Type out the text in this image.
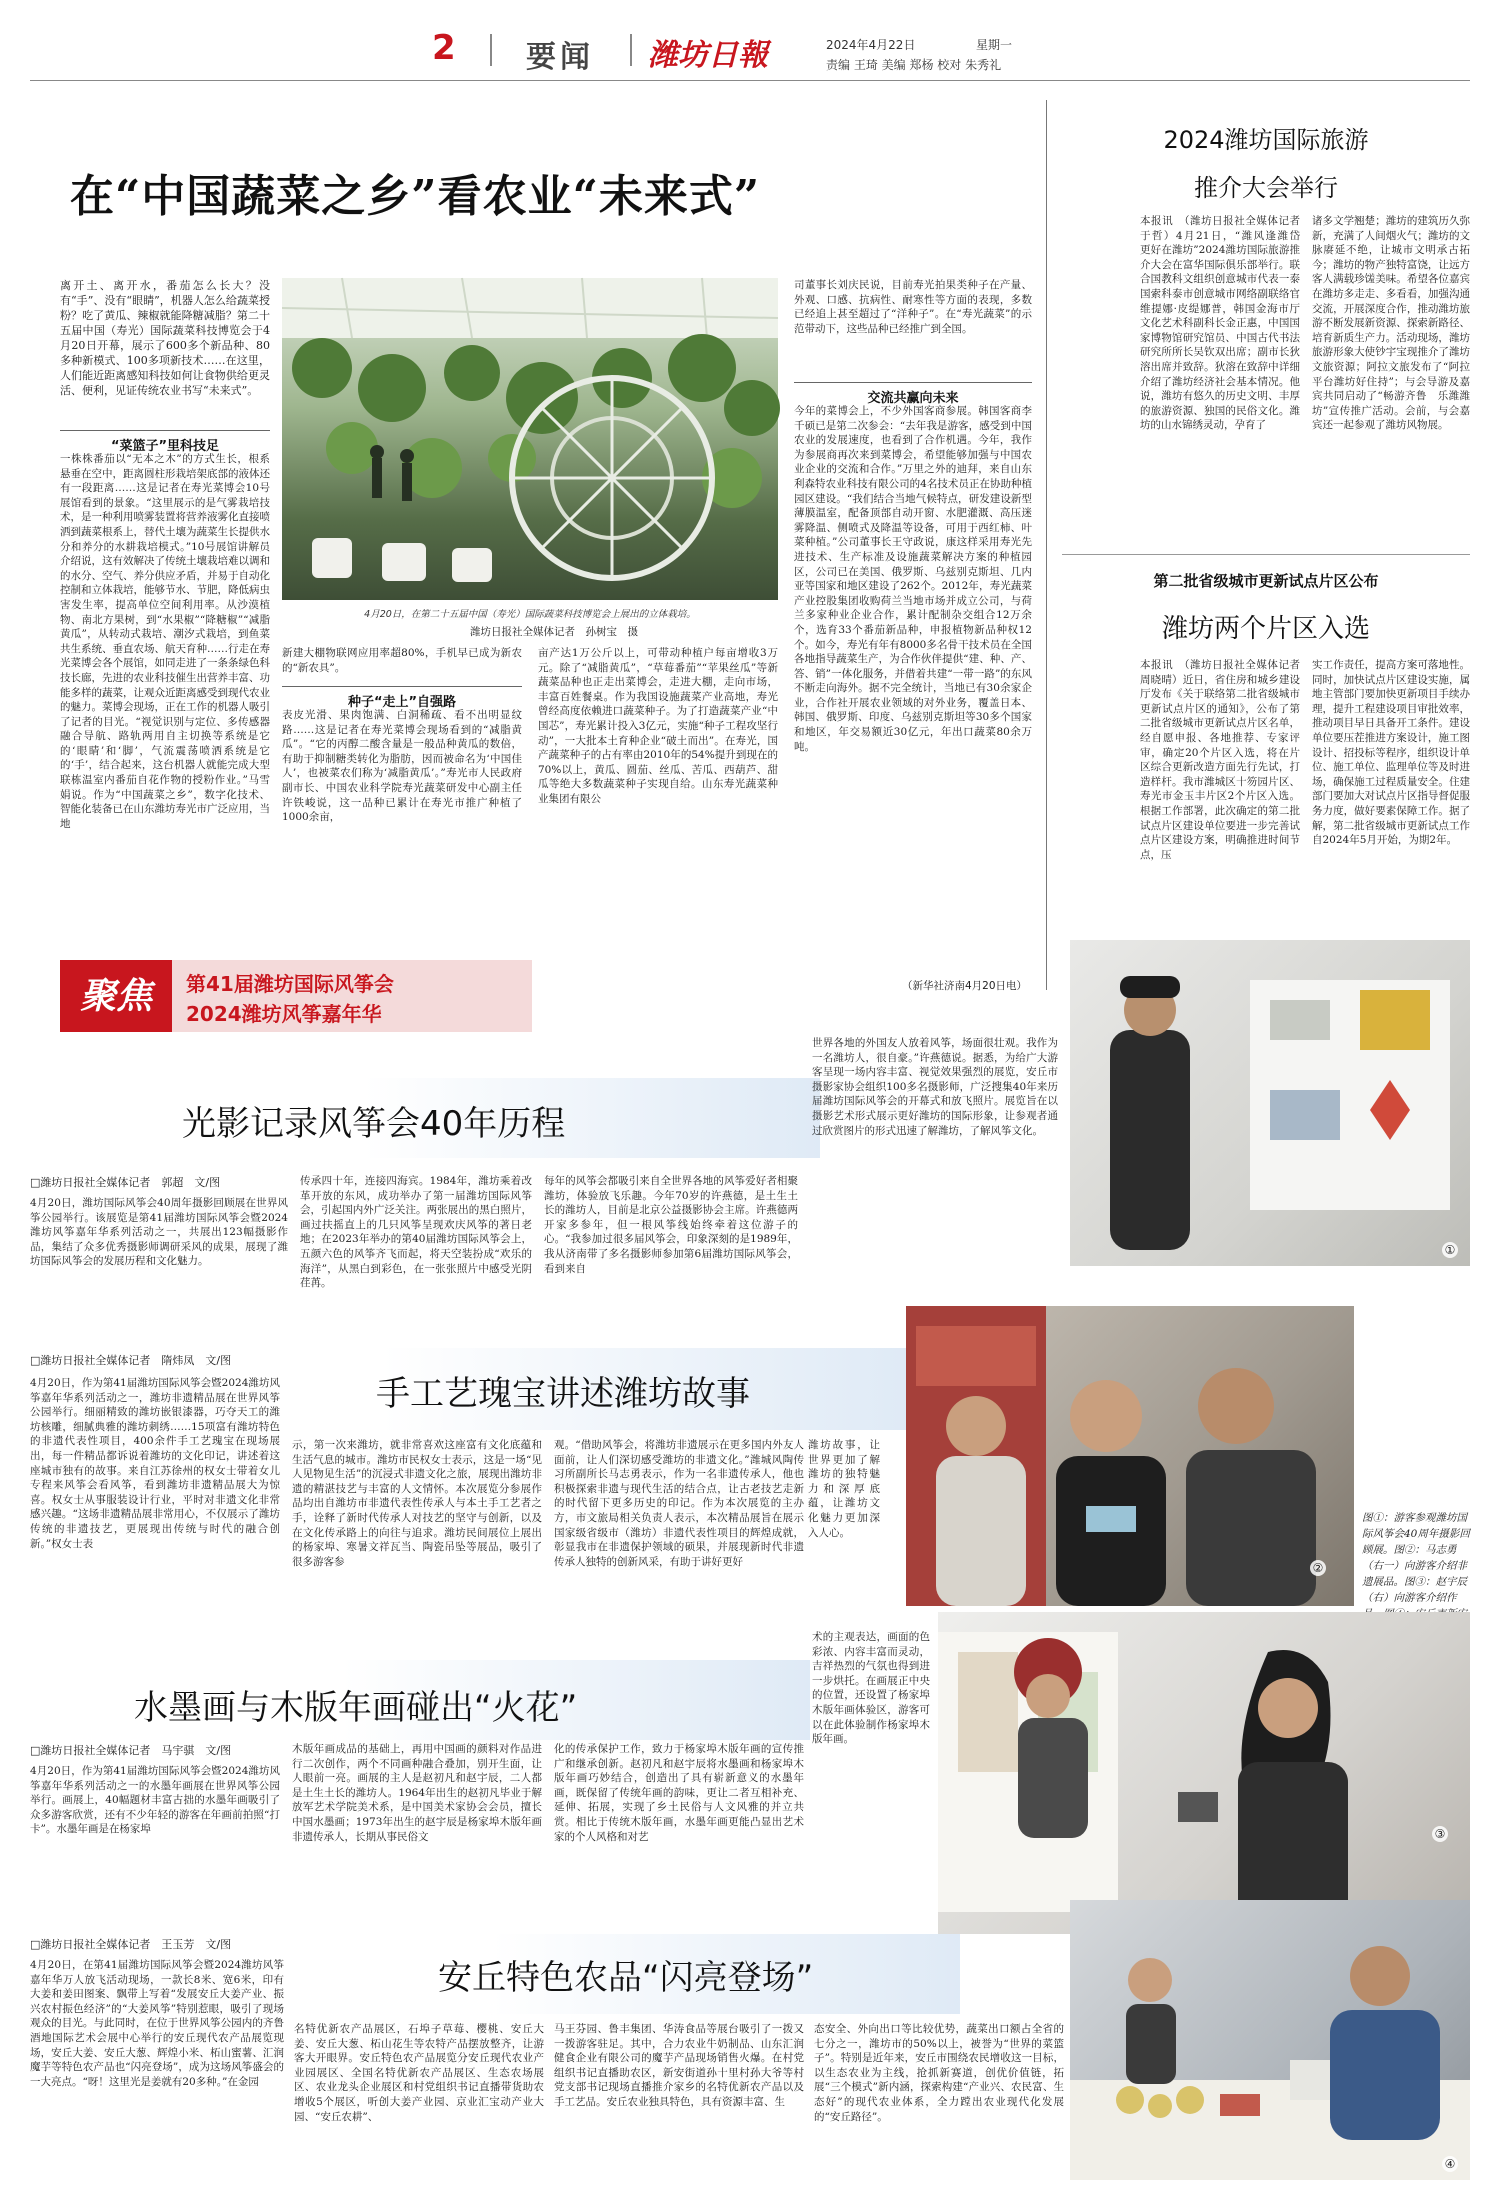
2 要闻 潍坊日報	2024年4月22日	星期一
责编 王琦 美编 郑杨 校对 朱秀礼
在“中国蔬菜之乡”看农业“未来式”
离开土、离开水，番茄怎么长大？没有“手”、没有“眼睛”，机器人怎么给蔬菜授粉？吃了黄瓜、辣椒就能降糖减脂？第二十五届中国（寿光）国际蔬菜科技博览会于4月20日开幕，展示了600多个新品种、80多种新模式、100多项新技术……在这里，人们能近距离感知科技如何让食物供给更灵活、便利，见证传统农业书写“未来式”。
“菜篮子”里科技足
一株株番茄以“无本之木”的方式生长，根系悬垂在空中，距离圆柱形栽培架底部的液体还有一段距离……这是记者在寿光菜博会10号展馆看到的景象。“这里展示的是气雾栽培技术，是一种利用喷雾装置将营养液雾化直接喷洒到蔬菜根系上，替代土壤为蔬菜生长提供水分和养分的水耕栽培模式。”10号展馆讲解员介绍说，这有效解决了传统土壤栽培难以调和的水分、空气、养分供应矛盾，并易于自动化控制和立体栽培，能够节水、节肥，降低病虫害发生率，提高单位空间利用率。从沙漠植物、南北方果树，到“水果椒”“降糖椒”“减脂黄瓜”，从转动式栽培、潮汐式栽培，到鱼菜共生系统、垂直农场、航天育种……行走在寿光菜博会各个展馆，如同走进了一条条绿色科技长廊，先进的农业科技催生出营养丰富、功能多样的蔬菜，让观众近距离感受到现代农业的魅力。菜博会现场，正在工作的机器人吸引了记者的目光。“视觉识别与定位、多传感器融合导航、路轨两用自主切换等系统是它的‘眼睛’和‘脚’，气流震荡喷洒系统是它的‘手’，结合起来，这台机器人就能完成大型联栋温室内番茄自花作物的授粉作业。”马雪娟说。作为“中国蔬菜之乡”，数字化技术、智能化装备已在山东潍坊寿光市广泛应用，当地
4月20日，在第二十五届中国（寿光）国际蔬菜科技博览会上展出的立体栽培。
潍坊日报社全媒体记者　孙树宝　摄
新建大棚物联网应用率超80%，手机早已成为新农的“新农具”。
种子“走上”自强路
表皮光滑、果肉饱满、白洞稀疏、看不出明显纹路……这是记者在寿光菜博会现场看到的“减脂黄瓜”。“它的丙醇二酸含量是一般品种黄瓜的数倍，有助于抑制糖类转化为脂肪，因而被命名为‘中国佳人’，也被菜农们称为‘减脂黄瓜’。”寿光市人民政府副市长、中国农业科学院寿光蔬菜研发中心副主任许铁峻说，这一品种已累计在寿光市推广种植了1000余亩，
亩产达1万公斤以上，可带动种植户每亩增收3万元。除了“减脂黄瓜”，“草莓番茄”“苹果丝瓜”等新蔬菜品种也正走出菜博会，走进大棚，走向市场，丰富百姓餐桌。作为我国设施蔬菜产业高地，寿光曾经高度依赖进口蔬菜种子。为了打造蔬菜产业“中国芯”，寿光累计投入3亿元，实施“种子工程攻坚行动”，一大批本土育种企业“破土而出”。在寿光，国产蔬菜种子的占有率由2010年的54%提升到现在的70%以上，黄瓜、圆茄、丝瓜、苦瓜、西葫芦、甜瓜等绝大多数蔬菜种子实现自给。山东寿光蔬菜种业集团有限公
司董事长刘庆民说，目前寿光拍果类种子在产量、外观、口感、抗病性、耐寒性等方面的表现，多数已经追上甚至超过了“洋种子”。在“寿光蔬菜”的示范带动下，这些品种已经推广到全国。
交流共赢向未来
今年的菜博会上，不少外国客商参展。韩国客商李千硕已是第二次参会：“去年我是游客，感受到中国农业的发展速度，也看到了合作机遇。今年，我作为参展商再次来到菜博会，希望能够加强与中国农业企业的交流和合作。”万里之外的迪拜，来自山东利森特农业科技有限公司的4名技术员正在协助种植园区建设。“我们结合当地气候特点，研发建设新型薄膜温室，配备顶部自动开窗、水肥灌溉、高压迷雾降温、侧喷式及降温等设备，可用于西红柿、叶菜种植。”公司董事长王守政说，康这样采用寿光先进技术、生产标准及设施蔬菜解决方案的种植园区，公司已在美国、俄罗斯、乌兹别克斯坦、几内亚等国家和地区建设了262个。2012年，寿光蔬菜产业控股集团收购荷兰当地市场并成立公司，与荷兰多家种业企业合作，累计配制杂交组合12万余个，选育33个番茄新品种，申报植物新品种权12个。如今，寿光有年有8000多名骨干技术员在全国各地指导蔬菜生产，为合作伙伴提供“建、种、产、答、销”一体化服务，并借着共建“一带一路”的东风不断走向海外。据不完全统计，当地已有30余家企业，合作社开展农业领域的对外业务，覆盖日本、韩国、俄罗斯、印度、乌兹别克斯坦等30多个国家和地区，年交易额近30亿元，年出口蔬菜80余万吨。
（新华社济南4月20日电）
2024潍坊国际旅游
推介大会举行
本报讯　（潍坊日报社全媒体记者　于哲）4月21日，“潍风逢潍岱　更好在潍坊”2024潍坊国际旅游推介大会在富华国际俱乐部举行。联合国教科文组织创意城市代表一泰国索科泰市创意城市网络副联络官维提娜·皮缇娜普，韩国金海市厅文化艺术科副科长金正惠，中国国家博物馆研究馆员、中国古代书法研究所所长吴钦双出席；副市长狄溶出席并致辞。狄溶在致辞中详细介绍了潍坊经济社会基本情况。他说，潍坊有悠久的历史文明、丰厚的旅游资源、独国的民俗文化。潍坊的山水锦绣灵动，孕育了
诸多文学翘楚；潍坊的建筑历久弥新，充满了人间烟火气；潍坊的文脉赓延不绝，让城市文明承古拓今；潍坊的物产独特富饶，让远方客人满载珍馐美味。希望各位嘉宾在潍坊多走走、多看看，加强沟通交流，开展深度合作，推动潍坊旅游不断发展新资源、探索新路径、培育新质生产力。活动现场，潍坊旅游形象大使钞宇宝现推介了潍坊文旅资源；阿拉文旅发布了“阿拉平台潍坊好住持”；与会导游及嘉宾共同启动了“畅游齐鲁　乐潍潍坊”宣传推广活动。会前，与会嘉宾还一起参观了潍坊风物展。
第二批省级城市更新试点片区公布
潍坊两个片区入选
本报讯　（潍坊日报社全媒体记者　周晓晴）近日，省住房和城乡建设厅发布《关于联络第二批省级城市更新试点片区的通知》，公布了第二批省级城市更新试点片区名单，经自愿申报、各地推荐、专家评审，确定20个片区入选，将在片区综合更新改造方面先行先试，打造样杆。我市潍城区十笏园片区、寿光市金玉丰片区2个片区入选。根据工作部署，此次确定的第二批试点片区建设单位要进一步完善试点片区建设方案，明确推进时间节点，压
实工作责任，提高方案可落地性。同时，加快试点片区建设实施，属地主管部门要加快更新项目手续办理，提升工程建设项目审批效率，推动项目早日具备开工条件。建设单位要压茬推进方案设计，施工图设计、招投标等程序，组织设计单位、施工单位、监理单位等及时进场，确保施工过程质量安全。住建部门要加大对试点片区指导督促服务力度，做好要素保障工作。据了解，第二批省级城市更新试点工作自2024年5月开始，为期2年。
聚焦	第41届潍坊国际风筝会
2024潍坊风筝嘉年华
光影记录风筝会40年历程
□潍坊日报社全媒体记者　郭超　文/图
4月20日，潍坊国际风筝会40周年摄影回顾展在世界风筝公园举行。该展览是第41届潍坊国际风筝会暨2024潍坊风筝嘉年华系列活动之一，共展出123幅摄影作品，集结了众多优秀摄影师调研采风的成果，展现了潍坊国际风筝会的发展历程和文化魅力。
传承四十年，连接四海宾。1984年，潍坊乘着改革开放的东风，成功举办了第一届潍坊国际风筝会，引起国内外广泛关注。两张展出的黑白照片，画过扶摇直上的几只风筝呈现欢庆风筝的著日老地；在2023年举办的第40届潍坊国际风筝会上，五颜六色的风筝齐飞而起，将天空装扮成“欢乐的海洋”，从黑白到彩色，在一张张照片中感受光阴荏苒。
每年的风筝会都吸引来自全世界各地的风筝爱好者相聚潍坊，体验放飞乐趣。今年70岁的许燕德，是土生土长的潍坊人，目前是北京公益摄影协会主席。许燕德两开家多参年，但一根风筝线始终牵着这位游子的心。“我参加过很多届风筝会，印象深刻的是1989年，我从济南带了多名摄影师参加第6届潍坊国际风筝会，看到来自
世界各地的外国友人放着风筝，场面很壮观。我作为一名潍坊人，很自豪。”许燕德说。据悉，为给广大游客呈现一场内容丰富、视觉效果强烈的展览，安丘市摄影家协会组织100多名摄影师，广泛搜集40年来历届潍坊国际风筝会的开幕式和放飞照片。展览旨在以摄影艺术形式展示更好潍坊的国际形象，让参观者通过欣赏图片的形式迅速了解潍坊，了解风筝文化。
①
□潍坊日报社全媒体记者　隋炜凤　文/图
手工艺瑰宝讲述潍坊故事
4月20日，作为第41届潍坊国际风筝会暨2024潍坊风筝嘉年华系列活动之一，潍坊非遗精品展在世界风筝公园举行。细丽精致的潍坊嵌银漆器，巧夺天工的潍坊核雕，细腻典雅的潍坊刺绣……15项富有潍坊特色的非遗代表性项目，400余件手工艺瑰宝在现场展出，每一件精品都诉说着潍坊的文化印记，讲述着这座城市独有的故事。来自江苏徐州的权女士带着女儿专程来风筝会看风筝，看到潍坊非遗精品展大为惊喜。权女士从事服装设计行业，平时对非遗文化非常感兴趣。“这场非遗精品展非常用心，不仅展示了潍坊传统的非遗技艺，更展现出传统与时代的融合创新。”权女士表
示，第一次来潍坊，就非常喜欢这座富有文化底蕴和生活气息的城市。潍坊市民权女士表示，这是一场“见人见物见生活”的沉浸式非遗文化之旅，展现出潍坊非遗的精湛技艺与丰富的人文情怀。本次展览分参展作品均出自潍坊市非遗代表性传承人与本土手工艺者之手，诠释了新时代传承人对技艺的坚守与创新，以及在文化传承路上的向往与追求。潍坊民间展位上展出的杨家埠、寒暑文祥瓦当、陶瓷吊坠等展品，吸引了很多游客参
观。“借助风筝会，将潍坊非遗展示在更多国内外友人面前，让人们深切感受潍坊的非遗文化。”潍城风陶传习所副所长马志勇表示，作为一名非遗传承人，他也积极探索非遗与现代生活的结合点，让古老技艺走新的时代留下更多历史的印记。作为本次展览的主办方，市文旅局相关负责人表示，本次精品展旨在展示国家级省级市（潍坊）非遗代表性项目的辉煌成就，彰显我市在非遗保护领域的硕果，并展现新时代非遗传承人独特的创新风采，有助于讲好更好
潍坊故事，让世界更加了解潍坊的独特魅力和深厚底蕴，让潍坊文化魅力更加深入人心。
②
图①：游客参观潍坊国际风筝会40周年摄影回顾展。图②：马志勇（右一）向游客介绍非遗展品。图③：赵宇辰（右）向游客介绍作
水墨画与木版年画碰出“火花”
□潍坊日报社全媒体记者　马宇骐　文/图
4月20日，作为第41届潍坊国际风筝会暨2024潍坊风筝嘉年华系列活动之一的水墨年画展在世界风筝公园举行。画展上，40幅题材丰富古拙的水墨年画吸引了众多游客欣赏，还有不少年轻的游客在年画前拍照“打卡”。水墨年画是在杨家埠
木版年画成品的基础上，再用中国画的颜料对作品进行二次创作，两个不同画种融合叠加，别开生面，让人眼前一亮。画展的主人是赵初凡和赵宇辰，二人都是土生土长的潍坊人。1964年出生的赵初凡毕业于解放军艺术学院美术系，是中国美术家协会会员，擅长中国水墨画；1973年出生的赵宇辰是杨家埠木版年画非遗传承人，长期从事民俗文
化的传承保护工作，致力于杨家埠木版年画的宣传推广和继承创新。赵初凡和赵宇辰将水墨画和杨家埠木版年画巧妙结合，创造出了具有崭新意义的水墨年画，既保留了传统年画的韵味，更让二者互相补充、延伸、拓展，实现了乡土民俗与人文风雅的并立共赏。相比于传统木版年画，水墨年画更能凸显出艺术家的个人风格和对艺
术的主观表达，画面的色彩浓、内容丰富而灵动，吉祥热烈的气氛也得到进一步烘托。在画展正中央的位置，还设置了杨家埠木版年画体验区，游客可以在此体验制作杨家埠木版年画。
③
□潍坊日报社全媒体记者　王玉芳　文/图
安丘特色农品“闪亮登场”
4月20日，在第41届潍坊国际风筝会暨2024潍坊风筝嘉年华万人放飞活动现场，一款长8米、宽6米，印有大姜和姜田图案、飘带上写着“发展安丘大姜产业、振兴农村振色经济”的“大姜风筝”特别惹眼，吸引了现场观众的目光。与此同时，在位于世界风筝公园内的齐鲁酒地国际艺术会展中心举行的安丘现代农产品展览现场，安丘大姜、安丘大葱、辉煌小米、柘山蜜薯、汇润魔芋等特色农产品也“闪亮登场”，成为这场风筝盛会的一大亮点。“呀！这里光是姜就有20多种。”在金园
名特优新农产品展区，石埠子草莓、樱桃、安丘大姜、安丘大葱、柘山花生等农特产品摆放整齐，让游客大开眼界。安丘特色农产品展览分安丘现代农业产业园展区、全国名特优新农产品展区、生态农场展区、农业龙头企业展区和村党组织书记直播带货助农增收5个展区，听创大姜产业园、京业汇宝动产业大园、“安丘农耕”、
马王芬园、鲁丰集团、华涛食品等展台吸引了一拨又一拨游客驻足。其中，合力农业牛奶制品、山东汇润健食企业有限公司的魔芋产品现场销售火爆。在村党组织书记直播助农区，新安街道孙十里村孙大爷等村党支部书记现场直播推介家乡的名特优新农产品以及手工艺品。安丘农业独具特色，具有资源丰富、生
态安全、外向出口等比较优势，蔬菜出口额占全省的七分之一，潍坊市的50%以上，被誉为“世界的菜篮子”。特别是近年来，安丘市围绕农民增收这一目标，以生态农业为主线，抢抓新赛道，创优价值链，拓展“三个模式”新内涵，探索构建“产业兴、农民富、生态好”的现代农业体系，全力蹚出农业现代化发展的“安丘路径”。
④
